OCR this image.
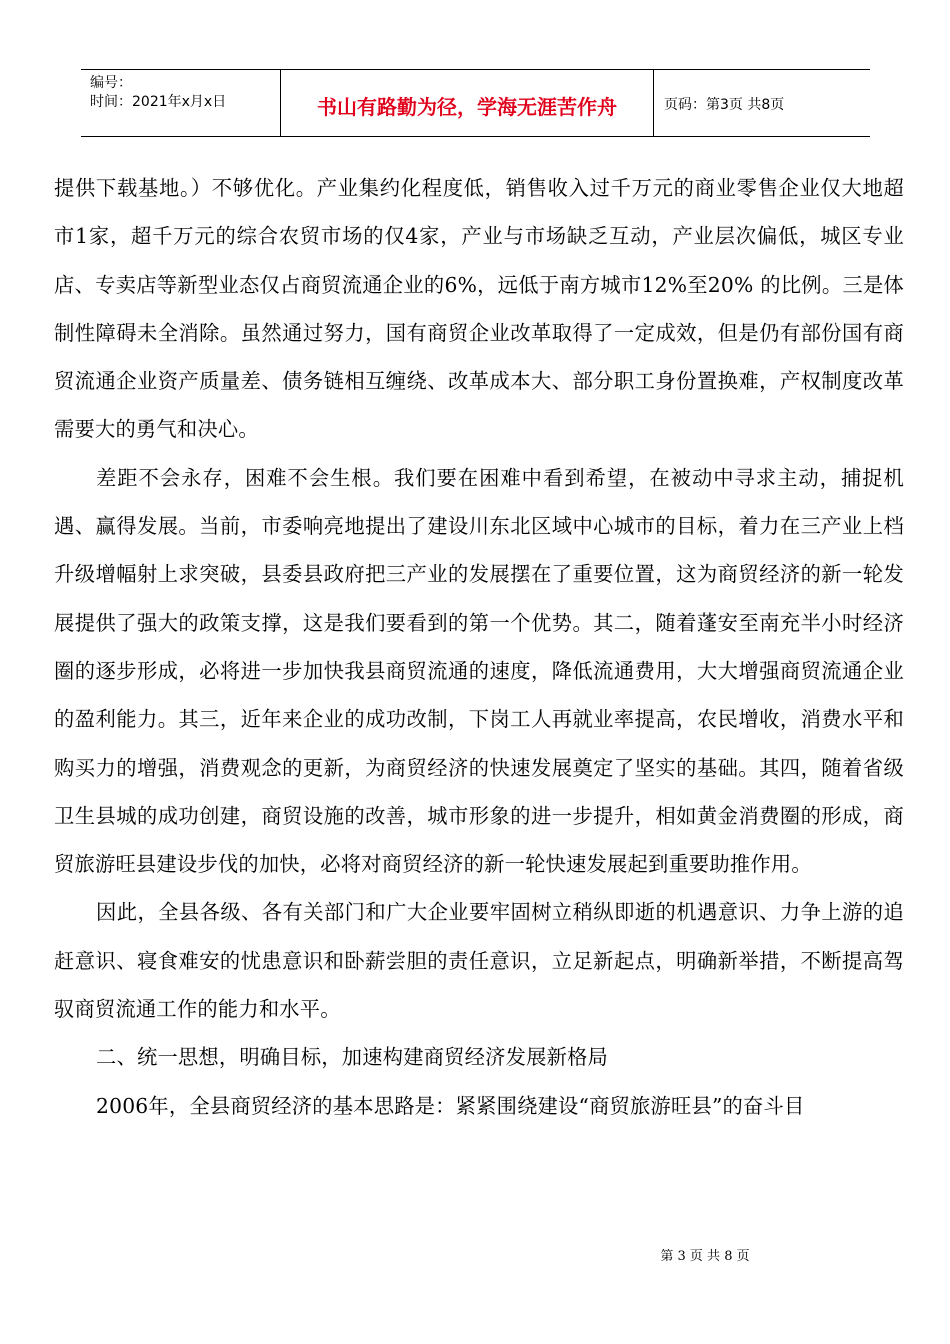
编号：
时间：2021年x月x日	书山有路勤为径，学海无涯苦作舟	页码：第3页 共8页

提供下载基地。）不够优化。产业集约化程度低，销售收入过千万元的商业零售企业仅大地超市1家，超千万元的综合农贸市场的仅4家，产业与市场缺乏互动，产业层次偏低，城区专业店、专卖店等新型业态仅占商贸流通企业的6%，远低于南方城市12%至20% 的比例。三是体制性障碍未全消除。虽然通过努力，国有商贸企业改革取得了一定成效，但是仍有部份国有商贸流通企业资产质量差、债务链相互缠绕、改革成本大、部分职工身份置换难，产权制度改革需要大的勇气和决心。

差距不会永存，困难不会生根。我们要在困难中看到希望，在被动中寻求主动，捕捉机遇、赢得发展。当前，市委响亮地提出了建设川东北区域中心城市的目标，着力在三产业上档升级增幅射上求突破，县委县政府把三产业的发展摆在了重要位置，这为商贸经济的新一轮发展提供了强大的政策支撑，这是我们要看到的第一个优势。其二，随着蓬安至南充半小时经济圈的逐步形成，必将进一步加快我县商贸流通的速度，降低流通费用，大大增强商贸流通企业的盈利能力。其三，近年来企业的成功改制，下岗工人再就业率提高，农民增收，消费水平和购买力的增强，消费观念的更新，为商贸经济的快速发展奠定了坚实的基础。其四，随着省级卫生县城的成功创建，商贸设施的改善，城市形象的进一步提升，相如黄金消费圈的形成，商贸旅游旺县建设步伐的加快，必将对商贸经济的新一轮快速发展起到重要助推作用。

因此，全县各级、各有关部门和广大企业要牢固树立稍纵即逝的机遇意识、力争上游的追赶意识、寝食难安的忧患意识和卧薪尝胆的责任意识，立足新起点，明确新举措，不断提高驾驭商贸流通工作的能力和水平。

二、统一思想，明确目标，加速构建商贸经济发展新格局

2006年，全县商贸经济的基本思路是：紧紧围绕建设“商贸旅游旺县”的奋斗目

第 3 页 共 8 页
